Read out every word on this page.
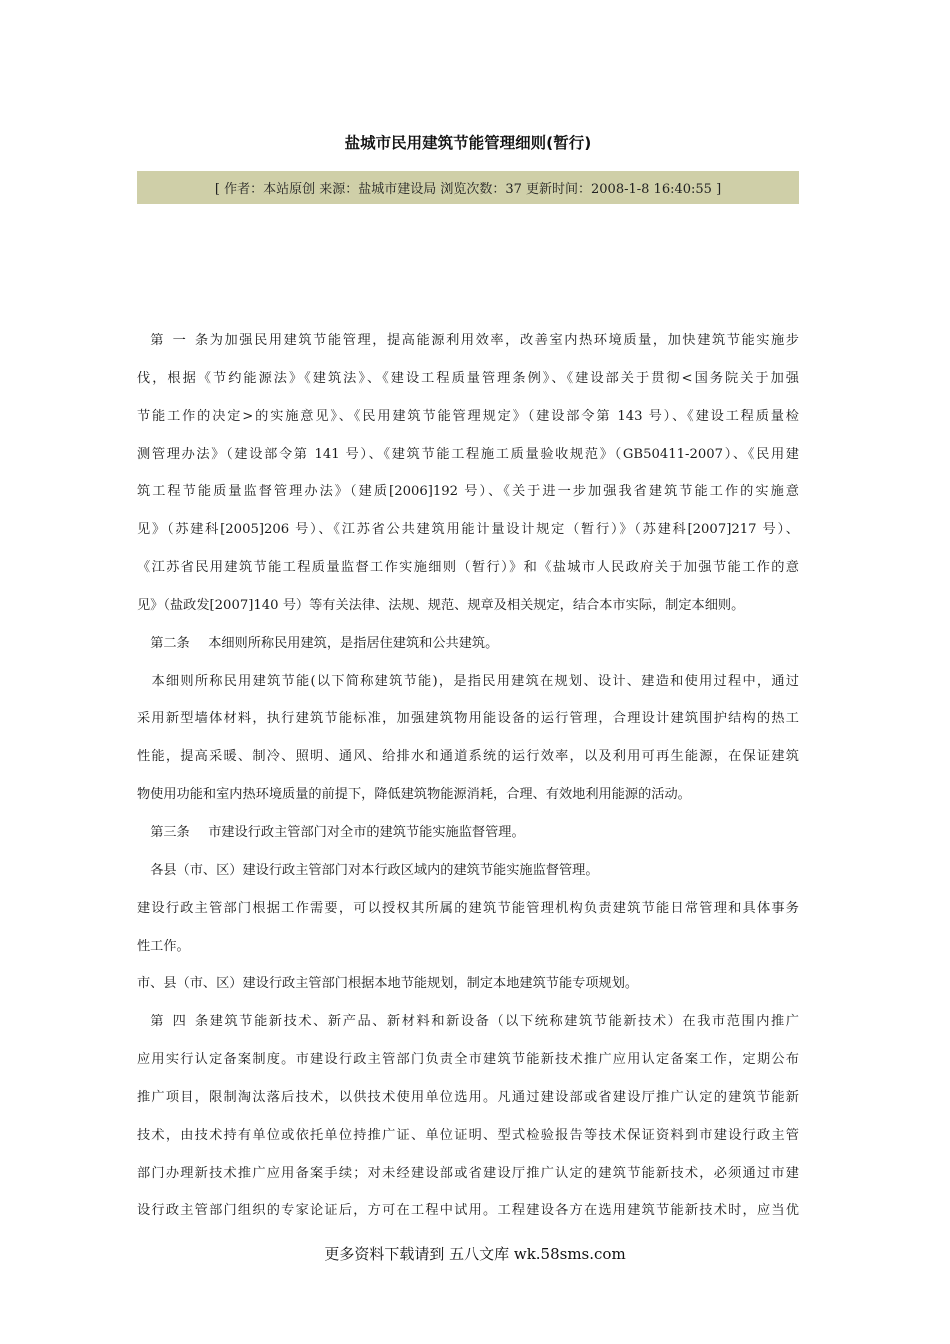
盐城市民用建筑节能管理细则(暂行)
[ 作者：本站原创 来源：盐城市建设局 浏览次数：37 更新时间：2008-1-8 16:40:55 ]
 第一条为加强民用建筑节能管理，提高能源利用效率，改善室内热环境质量，加快建筑节能实施步
伐，根据《节约能源法》《建筑法》、《建设工程质量管理条例》、《建设部关于贯彻<国务院关于加强
节能工作的决定>的实施意见》、《民用建筑节能管理规定》（建设部令第 143 号）、《建设工程质量检
测管理办法》（建设部令第 141 号）、《建筑节能工程施工质量验收规范》（GB50411-2007）、《民用建
筑工程节能质量监督管理办法》（建质[2006]192 号）、《关于进一步加强我省建筑节能工作的实施意
见》（苏建科[2005]206 号）、《江苏省公共建筑用能计量设计规定（暂行）》（苏建科[2007]217 号）、
《江苏省民用建筑节能工程质量监督工作实施细则（暂行）》和《盐城市人民政府关于加强节能工作的意
见》（盐政发[2007]140 号）等有关法律、法规、规范、规章及相关规定，结合本市实际，制定本细则。
 第二条 本细则所称民用建筑，是指居住建筑和公共建筑。
 本细则所称民用建筑节能(以下简称建筑节能)，是指民用建筑在规划、设计、建造和使用过程中，通过
采用新型墙体材料，执行建筑节能标准，加强建筑物用能设备的运行管理，合理设计建筑围护结构的热工
性能，提高采暖、制冷、照明、通风、给排水和通道系统的运行效率，以及利用可再生能源，在保证建筑
物使用功能和室内热环境质量的前提下，降低建筑物能源消耗，合理、有效地利用能源的活动。
 第三条 市建设行政主管部门对全市的建筑节能实施监督管理。
 各县（市、区）建设行政主管部门对本行政区域内的建筑节能实施监督管理。
建设行政主管部门根据工作需要，可以授权其所属的建筑节能管理机构负责建筑节能日常管理和具体事务
性工作。
市、县（市、区）建设行政主管部门根据本地节能规划，制定本地建筑节能专项规划。
 第四条建筑节能新技术、新产品、新材料和新设备（以下统称建筑节能新技术）在我市范围内推广
应用实行认定备案制度。市建设行政主管部门负责全市建筑节能新技术推广应用认定备案工作，定期公布
推广项目，限制淘汰落后技术，以供技术使用单位选用。凡通过建设部或省建设厅推广认定的建筑节能新
技术，由技术持有单位或依托单位持推广证、单位证明、型式检验报告等技术保证资料到市建设行政主管
部门办理新技术推广应用备案手续；对未经建设部或省建设厅推广认定的建筑节能新技术，必须通过市建
设行政主管部门组织的专家论证后，方可在工程中试用。工程建设各方在选用建筑节能新技术时，应当优
更多资料下载请到 五八文库 wk.58sms.com
